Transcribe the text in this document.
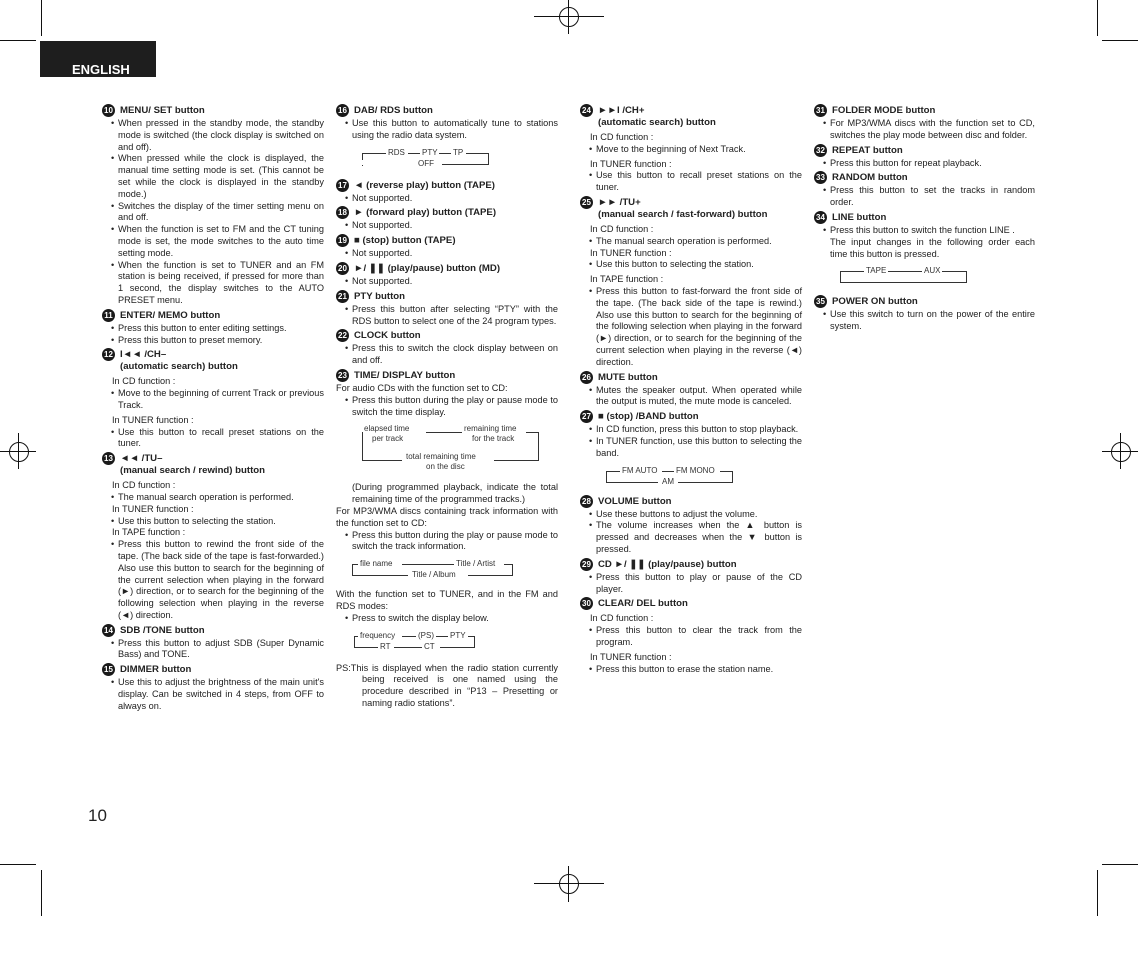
ENGLISH
10 MENU/ SET button

• When pressed in the standby mode, the standby mode is switched (the clock display is switched on and off).

• When pressed while the clock is displayed, the manual time setting mode is set. (This cannot be set while the clock is displayed in the standby mode.)

• Switches the display of the timer setting menu on and off.

• When the function is set to FM and the CT tuning mode is set, the mode switches to the auto time setting mode.

• When the function is set to TUNER and an FM station is being received, if pressed for more than 1 second, the display switches to the AUTO PRESET menu.

11 ENTER/ MEMO button

• Press this button to enter editing settings.

• Press this button to preset memory.

12 I◄◄ /CH–
(automatic search) button

In CD function :

• Move to the beginning of current Track or previous Track.

In TUNER function :

• Use this button to recall preset stations on the tuner.

13 ◄◄ /TU–
(manual search / rewind) button

In CD function :

• The manual search operation is performed.

In TUNER function :

• Use this button to selecting the station.

In TAPE function :

• Press this button to rewind the front side of the tape. (The back side of the tape is fast-forwarded.) Also use this button to search for the beginning of the current selection when playing in the forward (►) direction, or to search for the beginning of the following selection when playing in the reverse (◄) direction.

14 SDB /TONE button

• Press this button to adjust SDB (Super Dynamic Bass) and TONE.

15 DIMMER button

• Use this to adjust the brightness of the main unit's display. Can be switched in 4 steps, from OFF to always on.

16 DAB/ RDS button

• Use this button to automatically tune to stations using the radio data system.

RDS PTY TP
OFF
17 ◄ (reverse play) button (TAPE)

• Not supported.

18 ► (forward play) button (TAPE)

• Not supported.

19 ■ (stop) button (TAPE)

• Not supported.

20 ►/ ❚❚ (play/pause) button (MD)

• Not supported.

21 PTY button

• Press this button after selecting “PTY” with the RDS button to select one of the 24 program types.

22 CLOCK button

• Press this to switch the clock display between on and off.

23 TIME/ DISPLAY button

For audio CDs with the function set to CD:

• Press this button during the play or pause mode to switch the time display.

elapsed time
per track
remaining time
for the track
total remaining time
on the disc

(During programmed playback, indicate the total remaining time of the programmed tracks.)

For MP3/WMA discs containing track information with the function set to CD:

• Press this button during the play or pause mode to switch the track information.

file name	Title / Artist
Title / Album

With the function set to TUNER, and in the FM and RDS modes:

• Press to switch the display below.

frequency	(PS) PTY
CT
RT

PS:This is displayed when the radio station currently being received is one named using the procedure described in “P13 – Presetting or naming radio stations”.

24 ►►I /CH+
(automatic search) button

In CD function :

• Move to the beginning of Next Track.

In TUNER function :

• Use this button to recall preset stations on the tuner.

25 ►► /TU+
(manual search / fast-forward) button

In CD function :

• The manual search operation is performed.

In TUNER function :

• Use this button to selecting the station.

In TAPE function :

• Press this button to fast-forward the front side of the tape. (The back side of the tape is rewind.) Also use this button to search for the beginning of the following selection when playing in the forward (►) direction, or to search for the beginning of the current selection when playing in the reverse (◄) direction.

26 MUTE button

• Mutes the speaker output. When operated while the output is muted, the mute mode is canceled.

27 ■ (stop) /BAND button

• In CD function, press this button to stop playback.

• In TUNER function, use this button to selecting the band.

FM AUTO FM MONO
AM
28 VOLUME button

• Use these buttons to adjust the volume.

• The volume increases when the ▲ button is pressed and decreases when the ▼ button is pressed.

29 CD ►/ ❚❚ (play/pause) button

• Press this button to play or pause of the CD player.

30 CLEAR/ DEL button

In CD function :

• Press this button to clear the track from the program.

In TUNER function :

• Press this button to erase the station name.

31 FOLDER MODE button

• For MP3/WMA discs with the function set to CD, switches the play mode between disc and folder.

32 REPEAT button

• Press this button for repeat playback.

33 RANDOM button

• Press this button to set the tracks in random order.

34 LINE button

• Press this button to switch the function LINE .

The input changes in the following order each time this button is pressed.

TAPE	AUX
35 POWER ON button

• Use this switch to turn on the power of the entire system.

10
